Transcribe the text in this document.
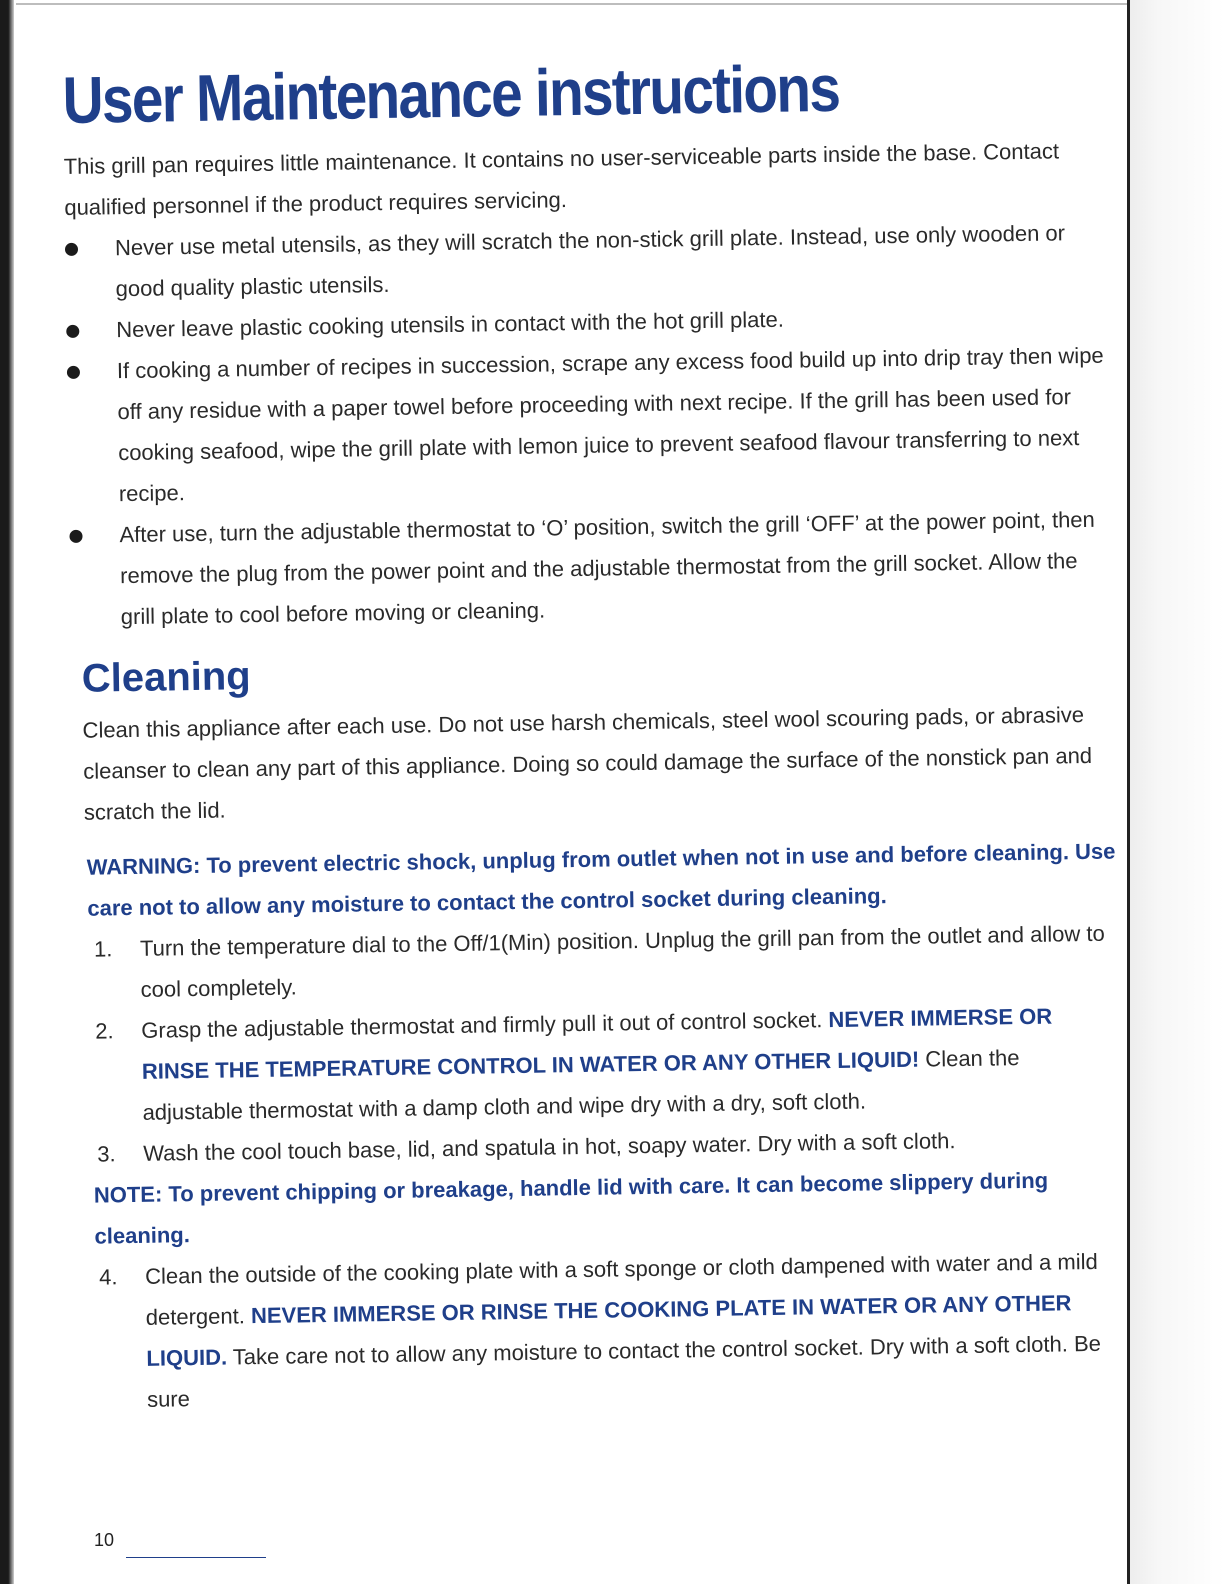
User Maintenance instructions

This grill pan requires little maintenance. It contains no user-serviceable parts inside the base. Contact qualified personnel if the product requires servicing.

Never use metal utensils, as they will scratch the non-stick grill plate. Instead, use only wooden or good quality plastic utensils.
Never leave plastic cooking utensils in contact with the hot grill plate.
If cooking a number of recipes in succession, scrape any excess food build up into drip tray then wipe off any residue with a paper towel before proceeding with next recipe. If the grill has been used for cooking seafood, wipe the grill plate with lemon juice to prevent seafood flavour transferring to next recipe.
After use, turn the adjustable thermostat to ‘O’ position, switch the grill ‘OFF’ at the power point, then remove the plug from the power point and the adjustable thermostat from the grill socket. Allow the grill plate to cool before moving or cleaning.
Cleaning

Clean this appliance after each use. Do not use harsh chemicals, steel wool scouring pads, or abrasive cleanser to clean any part of this appliance. Doing so could damage the surface of the nonstick pan and scratch the lid.

WARNING: To prevent electric shock, unplug from outlet when not in use and before cleaning. Use care not to allow any moisture to contact the control socket during cleaning.

1. Turn the temperature dial to the Off/1(Min) position. Unplug the grill pan from the outlet and allow to cool completely.
2. Grasp the adjustable thermostat and firmly pull it out of control socket. NEVER IMMERSE OR RINSE THE TEMPERATURE CONTROL IN WATER OR ANY OTHER LIQUID! Clean the adjustable thermostat with a damp cloth and wipe dry with a dry, soft cloth.
3. Wash the cool touch base, lid, and spatula in hot, soapy water. Dry with a soft cloth.

NOTE: To prevent chipping or breakage, handle lid with care. It can become slippery during cleaning.

4. Clean the outside of the cooking plate with a soft sponge or cloth dampened with water and a mild detergent. NEVER IMMERSE OR RINSE THE COOKING PLATE IN WATER OR ANY OTHER LIQUID. Take care not to allow any moisture to contact the control socket. Dry with a soft cloth. Be sure
10
